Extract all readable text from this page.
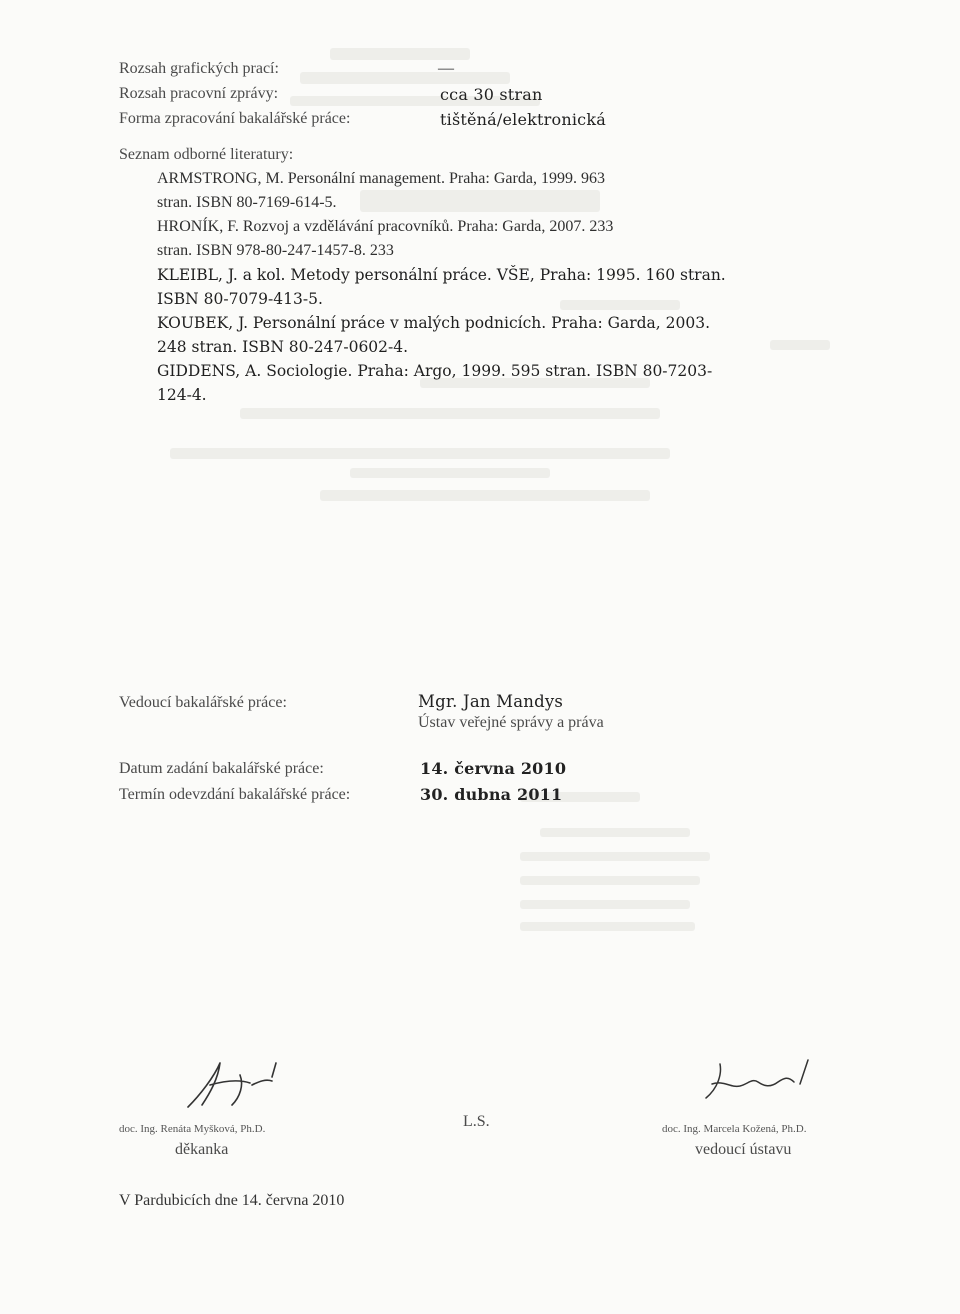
Rozsah grafických prací:	—
Rozsah pracovní zprávy:	cca 30 stran
Forma zpracování bakalářské práce:	tištěná/elektronická
Seznam odborné literatury:
ARMSTRONG, M. Personální management. Praha: Garda, 1999. 963
stran. ISBN 80-7169-614-5.
HRONÍK, F. Rozvoj a vzdělávání pracovníků. Praha: Garda, 2007. 233
stran. ISBN 978-80-247-1457-8. 233
KLEIBL, J. a kol. Metody personální práce. VŠE, Praha: 1995. 160 stran.
ISBN 80-7079-413-5.
KOUBEK, J. Personální práce v malých podnicích. Praha: Garda, 2003.
248 stran. ISBN 80-247-0602-4.
GIDDENS, A. Sociologie. Praha: Argo, 1999. 595 stran. ISBN 80-7203-
124-4.
Vedoucí bakalářské práce:	Mgr. Jan Mandys
Ústav veřejné správy a práva
Datum zadání bakalářské práce:	14. června 2010
Termín odevzdání bakalářské práce:	30. dubna 2011
doc. Ing. Renáta Myšková, Ph.D.
děkanka
L.S.	doc. Ing. Marcela Kožená, Ph.D.
vedoucí ústavu
V Pardubicích dne 14. června 2010
